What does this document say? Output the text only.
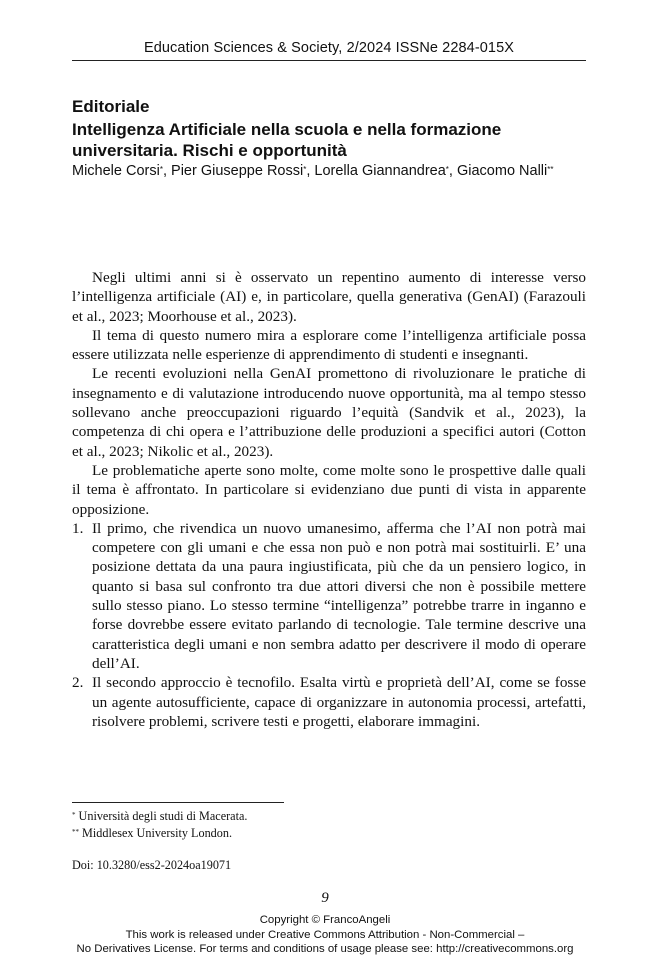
Education Sciences & Society, 2/2024 ISSNe 2284-015X
Editoriale
Intelligenza Artificiale nella scuola e nella formazione universitaria. Rischi e opportunità
Michele Corsi*, Pier Giuseppe Rossi*, Lorella Giannandrea*, Giacomo Nalli**

Negli ultimi anni si è osservato un repentino aumento di interesse verso l’intelligenza artificiale (AI) e, in particolare, quella generativa (GenAI) (Farazouli et al., 2023; Moorhouse et al., 2023).

Il tema di questo numero mira a esplorare come l’intelligenza artificiale possa essere utilizzata nelle esperienze di apprendimento di studenti e insegnanti.

Le recenti evoluzioni nella GenAI promettono di rivoluzionare le pratiche di insegnamento e di valutazione introducendo nuove opportunità, ma al tempo stesso sollevano anche preoccupazioni riguardo l’equità (Sandvik et al., 2023), la competenza di chi opera e l’attribuzione delle produzioni a specifici autori (Cotton et al., 2023; Nikolic et al., 2023).

Le problematiche aperte sono molte, come molte sono le prospettive dalle quali il tema è affrontato. In particolare si evidenziano due punti di vista in apparente opposizione.

1. Il primo, che rivendica un nuovo umanesimo, afferma che l’AI non potrà mai competere con gli umani e che essa non può e non potrà mai sostituirli. E’ una posizione dettata da una paura ingiustificata, più che da un pensiero logico, in quanto si basa sul confronto tra due attori diversi che non è possibile mettere sullo stesso piano. Lo stesso termine “intelligenza” potrebbe trarre in inganno e forse dovrebbe essere evitato parlando di tecnologie. Tale termine descrive una caratteristica degli umani e non sembra adatto per descrivere il modo di operare dell’AI.
2. Il secondo approccio è tecnofilo. Esalta virtù e proprietà dell’AI, come se fosse un agente autosufficiente, capace di organizzare in autonomia processi, artefatti, risolvere problemi, scrivere testi e progetti, elaborare immagini.
* Università degli studi di Macerata.
** Middlesex University London.
Doi: 10.3280/ess2-2024oa19071
9
Copyright © FrancoAngeli
This work is released under Creative Commons Attribution - Non-Commercial –
No Derivatives License. For terms and conditions of usage please see: http://creativecommons.org
